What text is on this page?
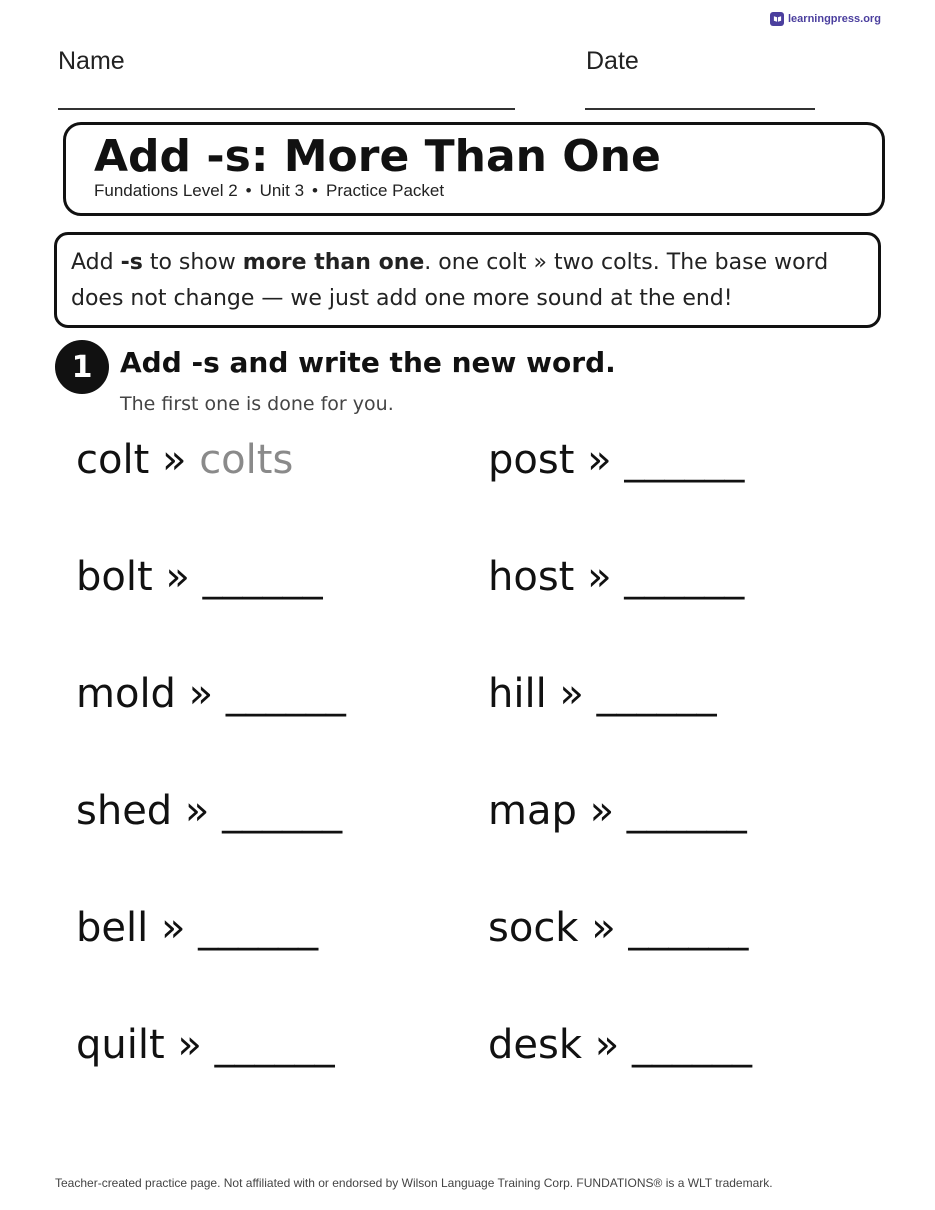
learningpress.org
Name	Date
Add -s: More Than One
Fundations Level 2 • Unit 3 • Practice Packet
Add -s to show more than one. one colt » two colts. The base word does not change — we just add one more sound at the end!
1 Add -s and write the new word.
The first one is done for you.
colt » colts	post » ______
bolt » ______	host » ______
mold » ______	hill » ______
shed » ______	map » ______
bell » ______	sock » ______
quilt » ______	desk » ______
Teacher-created practice page. Not affiliated with or endorsed by Wilson Language Training Corp. FUNDATIONS® is a WLT trademark.
